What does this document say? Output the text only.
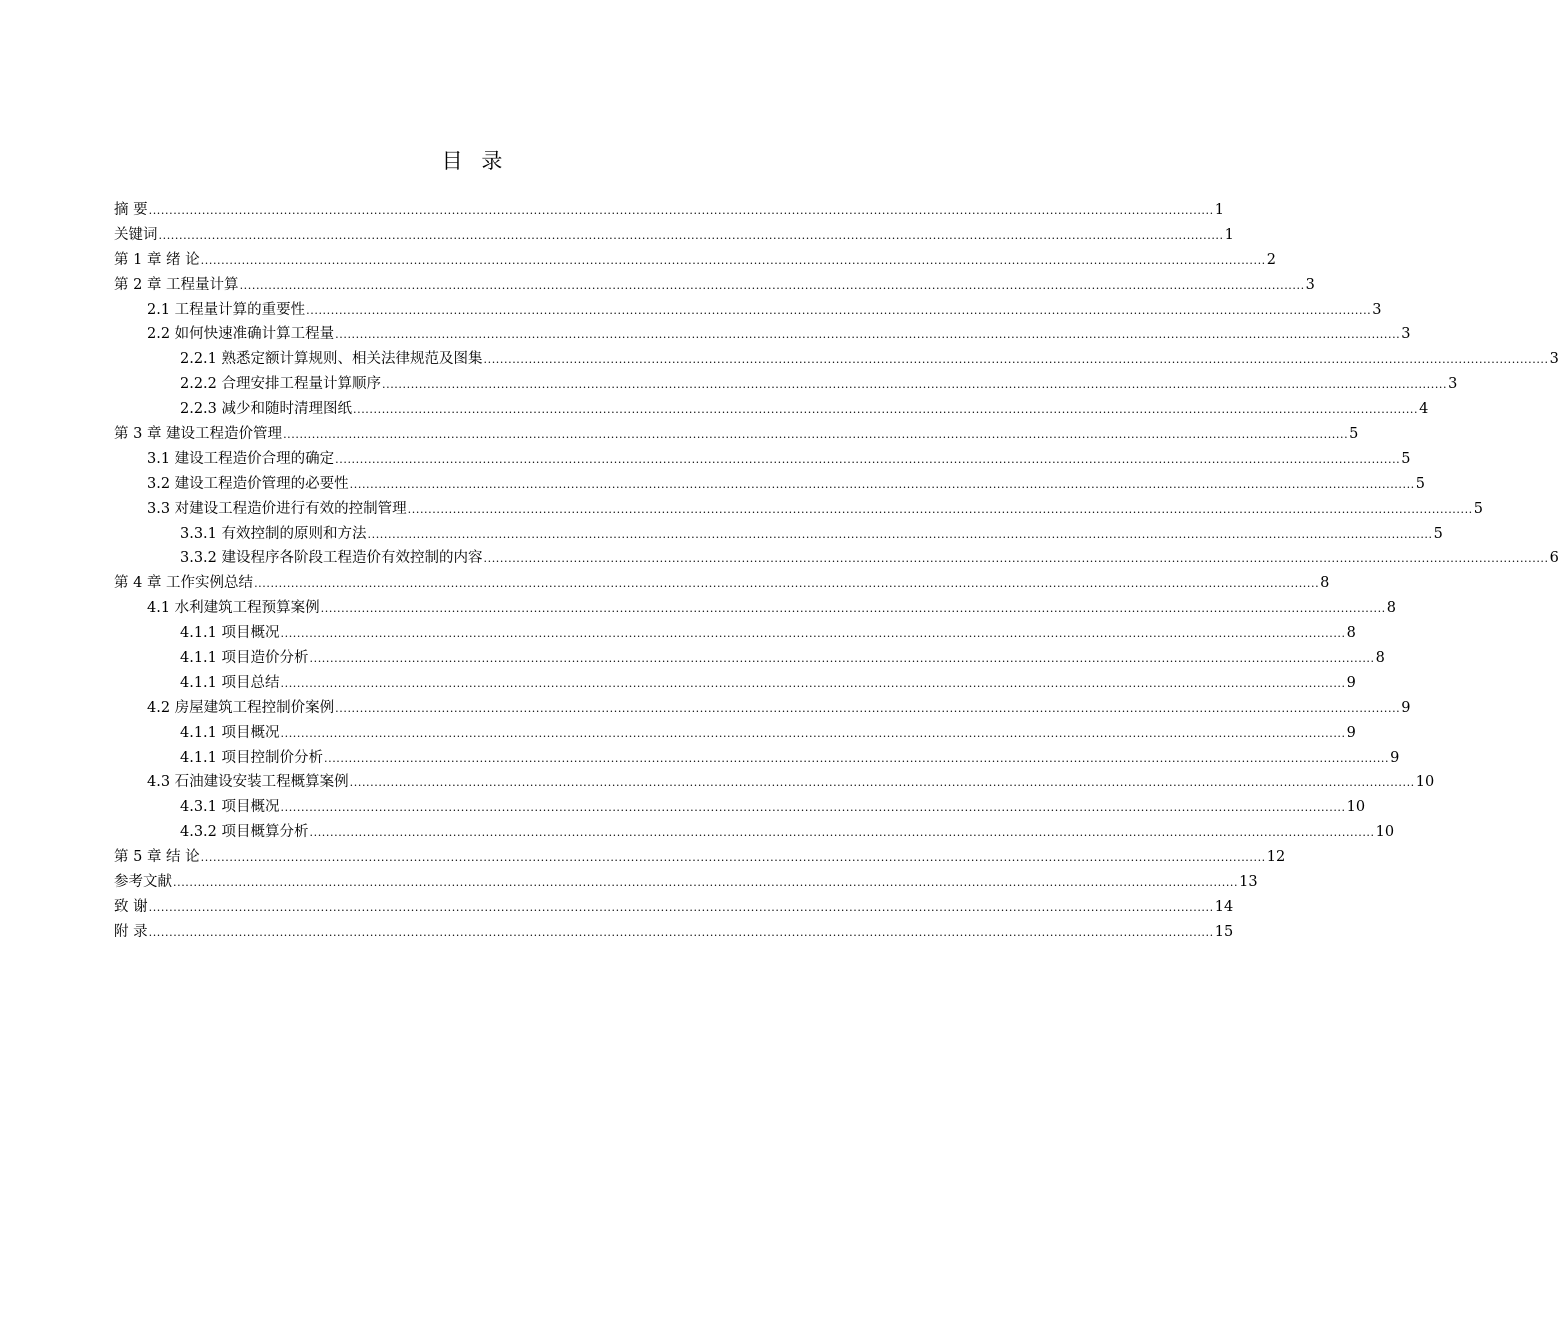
目 录
摘 要 .................................................................................................................................................................................................................................................................... 1
关键词 .................................................................................................................................................................................................................................................................... 1
第 1 章 绪 论 .................................................................................................................................................................................................................................................................... 2
第 2 章 工程量计算 .................................................................................................................................................................................................................................................................... 3
2.1 工程量计算的重要性 .................................................................................................................................................................................................................................................................... 3
2.2 如何快速准确计算工程量 .................................................................................................................................................................................................................................................................... 3
2.2.1 熟悉定额计算规则、相关法律规范及图集 .................................................................................................................................................................................................................................................................... 3
2.2.2 合理安排工程量计算顺序 .................................................................................................................................................................................................................................................................... 3
2.2.3 减少和随时清理图纸 .................................................................................................................................................................................................................................................................... 4
第 3 章 建设工程造价管理 .................................................................................................................................................................................................................................................................... 5
3.1 建设工程造价合理的确定 .................................................................................................................................................................................................................................................................... 5
3.2 建设工程造价管理的必要性 .................................................................................................................................................................................................................................................................... 5
3.3 对建设工程造价进行有效的控制管理 .................................................................................................................................................................................................................................................................... 5
3.3.1 有效控制的原则和方法 .................................................................................................................................................................................................................................................................... 5
3.3.2 建设程序各阶段工程造价有效控制的内容 .................................................................................................................................................................................................................................................................... 6
第 4 章 工作实例总结 .................................................................................................................................................................................................................................................................... 8
4.1 水利建筑工程预算案例 .................................................................................................................................................................................................................................................................... 8
4.1.1 项目概况 .................................................................................................................................................................................................................................................................... 8
4.1.1 项目造价分析 .................................................................................................................................................................................................................................................................... 8
4.1.1 项目总结 .................................................................................................................................................................................................................................................................... 9
4.2 房屋建筑工程控制价案例 .................................................................................................................................................................................................................................................................... 9
4.1.1 项目概况 .................................................................................................................................................................................................................................................................... 9
4.1.1 项目控制价分析 .................................................................................................................................................................................................................................................................... 9
4.3 石油建设安装工程概算案例 .................................................................................................................................................................................................................................................................... 10
4.3.1 项目概况 .................................................................................................................................................................................................................................................................... 10
4.3.2 项目概算分析 .................................................................................................................................................................................................................................................................... 10
第 5 章 结 论 .................................................................................................................................................................................................................................................................... 12
参考文献 .................................................................................................................................................................................................................................................................... 13
致 谢 .................................................................................................................................................................................................................................................................... 14
附 录 .................................................................................................................................................................................................................................................................... 15
